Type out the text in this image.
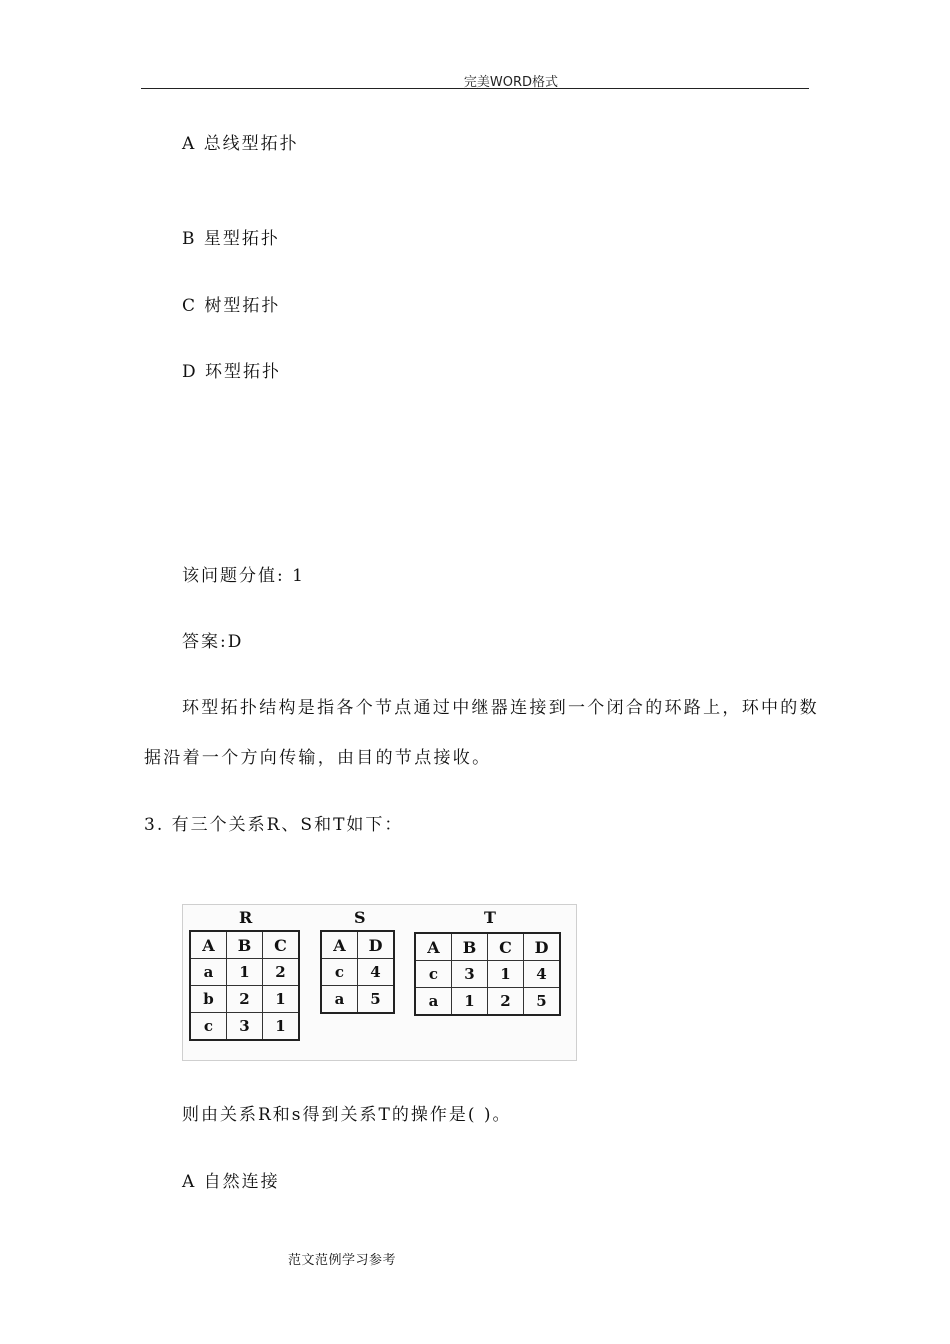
完美WORD格式
A 总线型拓扑
B 星型拓扑
C 树型拓扑
D 环型拓扑
该问题分值: 1
答案:D
环型拓扑结构是指各个节点通过中继器连接到一个闭合的环路上，环中的数
据沿着一个方向传输，由目的节点接收。
3. 有三个关系R、S和T如下：
R
A	B	C
a	1	2
b	2	1
c	3	1
S
A	D
c	4
a	5
T
A	B	C	D
c	3	1	4
a	1	2	5
则由关系R和s得到关系T的操作是( )。
A 自然连接
范文范例学习参考
